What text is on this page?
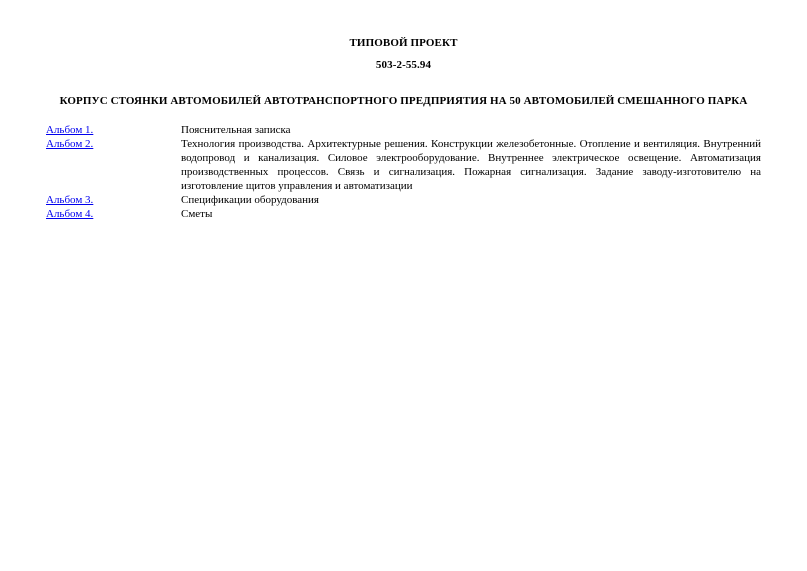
ТИПОВОЙ ПРОЕКТ
503-2-55.94
КОРПУС СТОЯНКИ АВТОМОБИЛЕЙ АВТОТРАНСПОРТНОГО ПРЕДПРИЯТИЯ НА 50 АВТОМОБИЛЕЙ СМЕШАННОГО ПАРКА
Альбом 1.	Пояснительная записка
Альбом 2.	Технология производства. Архитектурные решения. Конструкции железобетонные. Отопление и вентиляция. Внутренний водопровод и канализация. Силовое электрооборудование. Внутреннее электрическое освещение. Автоматизация производственных процессов. Связь и сигнализация. Пожарная сигнализация. Задание заводу-изготовителю на изготовление щитов управления и автоматизации
Альбом 3.	Спецификации оборудования
Альбом 4.	Сметы
